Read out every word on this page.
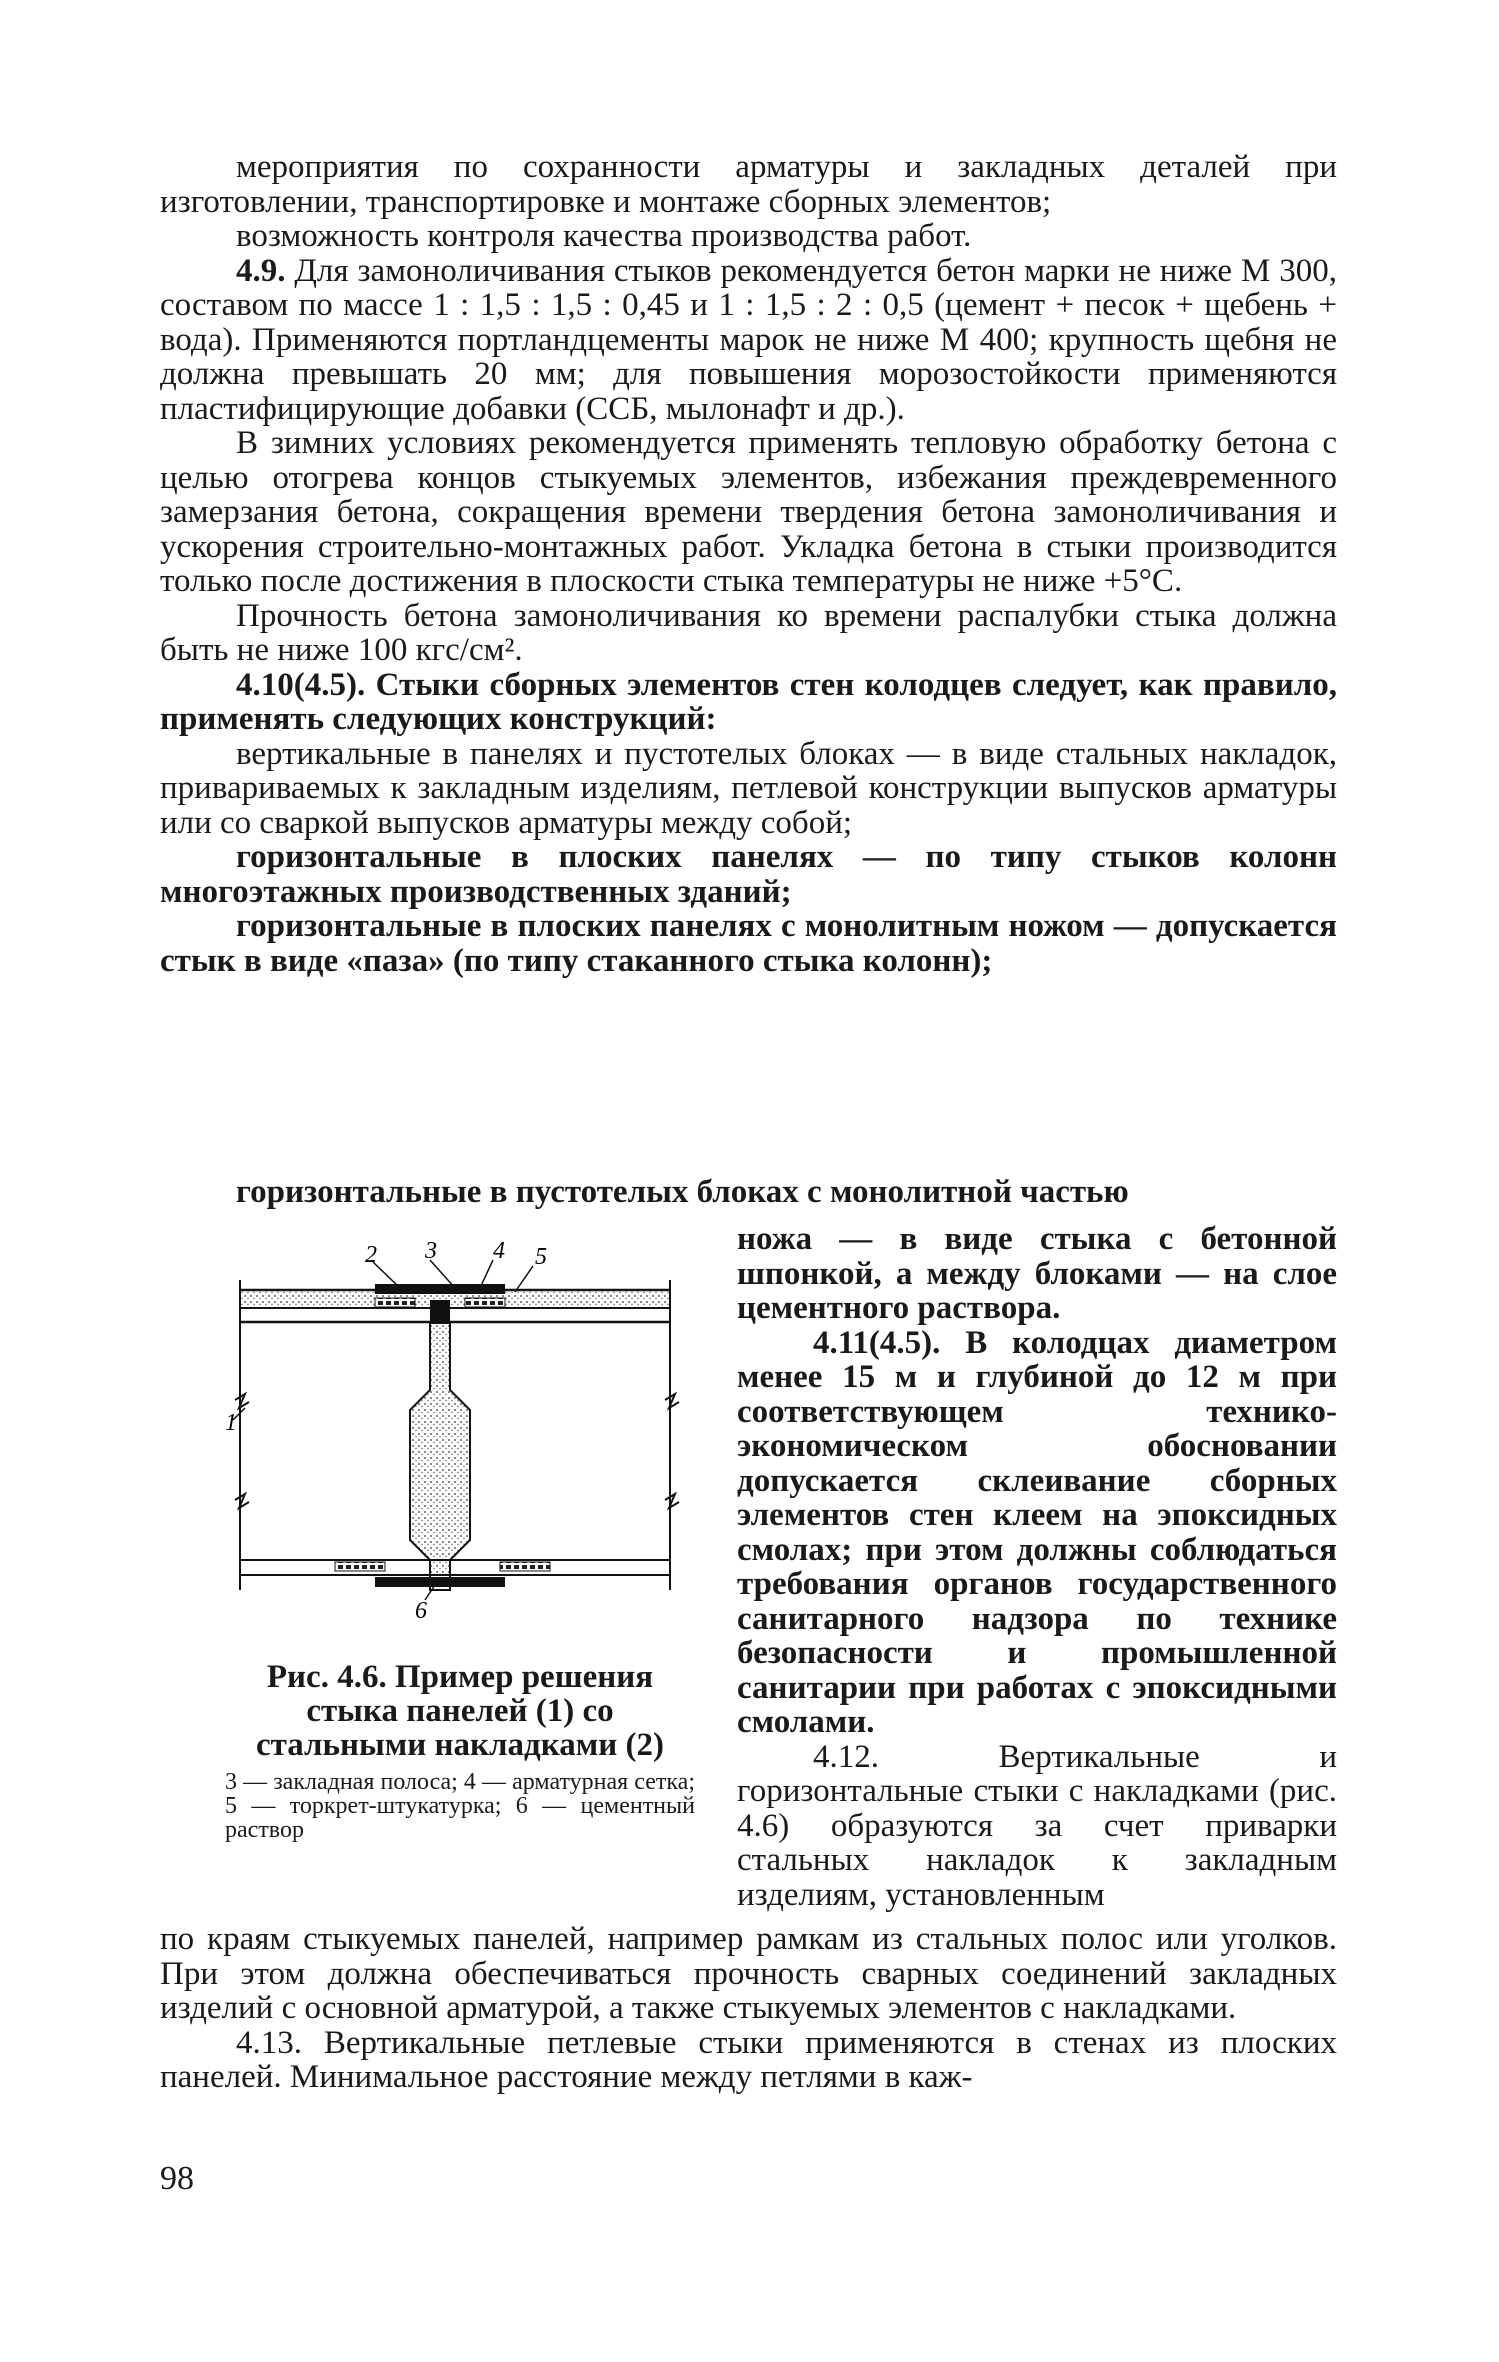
мероприятия по сохранности арматуры и закладных деталей при изготовлении, транспортировке и монтаже сборных элементов;

возможность контроля качества производства работ.

4.9. Для замоноличивания стыков рекомендуется бетон марки не ниже М 300, составом по массе 1 : 1,5 : 1,5 : 0,45 и 1 : 1,5 : 2 : 0,5 (цемент + песок + щебень + вода). Применяются портландцементы марок не ниже М 400; крупность щебня не должна превышать 20 мм; для повышения морозостойкости применяются пластифицирующие добавки (ССБ, мылонафт и др.).

В зимних условиях рекомендуется применять тепловую обработку бетона с целью отогрева концов стыкуемых элементов, избежания преждевременного замерзания бетона, сокращения времени твердения бетона замоноличивания и ускорения строительно-монтажных работ. Укладка бетона в стыки производится только после достижения в плоскости стыка температуры не ниже +5°С.

Прочность бетона замоноличивания ко времени распалубки стыка должна быть не ниже 100 кгс/см².

4.10(4.5). Стыки сборных элементов стен колодцев следует, как правило, применять следующих конструкций:

вертикальные в панелях и пустотелых блоках — в виде стальных накладок, привариваемых к закладным изделиям, петлевой конструкции выпусков арматуры или со сваркой выпусков арматуры между собой;

горизонтальные в плоских панелях — по типу стыков колонн многоэтажных производственных зданий;

горизонтальные в плоских панелях с монолитным ножом — допускается стык в виде «паза» (по типу стаканного стыка колонн);

горизонтальные в пустотелых блоках с монолитной частью

2 3 4 5
1
6
Рис. 4.6. Пример решения стыка панелей (1) со стальными накладками (2)
3 — закладная полоса; 4 — арматурная сетка; 5 — торкрет-штукатурка; 6 — цементный раствор

ножа — в виде стыка с бетонной шпонкой, а между блоками — на слое цементного раствора.

4.11(4.5). В колодцах диаметром менее 15 м и глубиной до 12 м при соответствующем технико-экономическом обосновании допускается склеивание сборных элементов стен клеем на эпоксидных смолах; при этом должны соблюдаться требования органов государственного санитарного надзора по технике безопасности и промышленной санитарии при работах с эпоксидными смолами.

4.12. Вертикальные и горизонтальные стыки с накладками (рис. 4.6) образуются за счет приварки стальных накладок к закладным изделиям, установленным

по краям стыкуемых панелей, например рамкам из стальных полос или уголков. При этом должна обеспечиваться прочность сварных соединений закладных изделий с основной арматурой, а также стыкуемых элементов с накладками.

4.13. Вертикальные петлевые стыки применяются в стенах из плоских панелей. Минимальное расстояние между петлями в каж-

98
